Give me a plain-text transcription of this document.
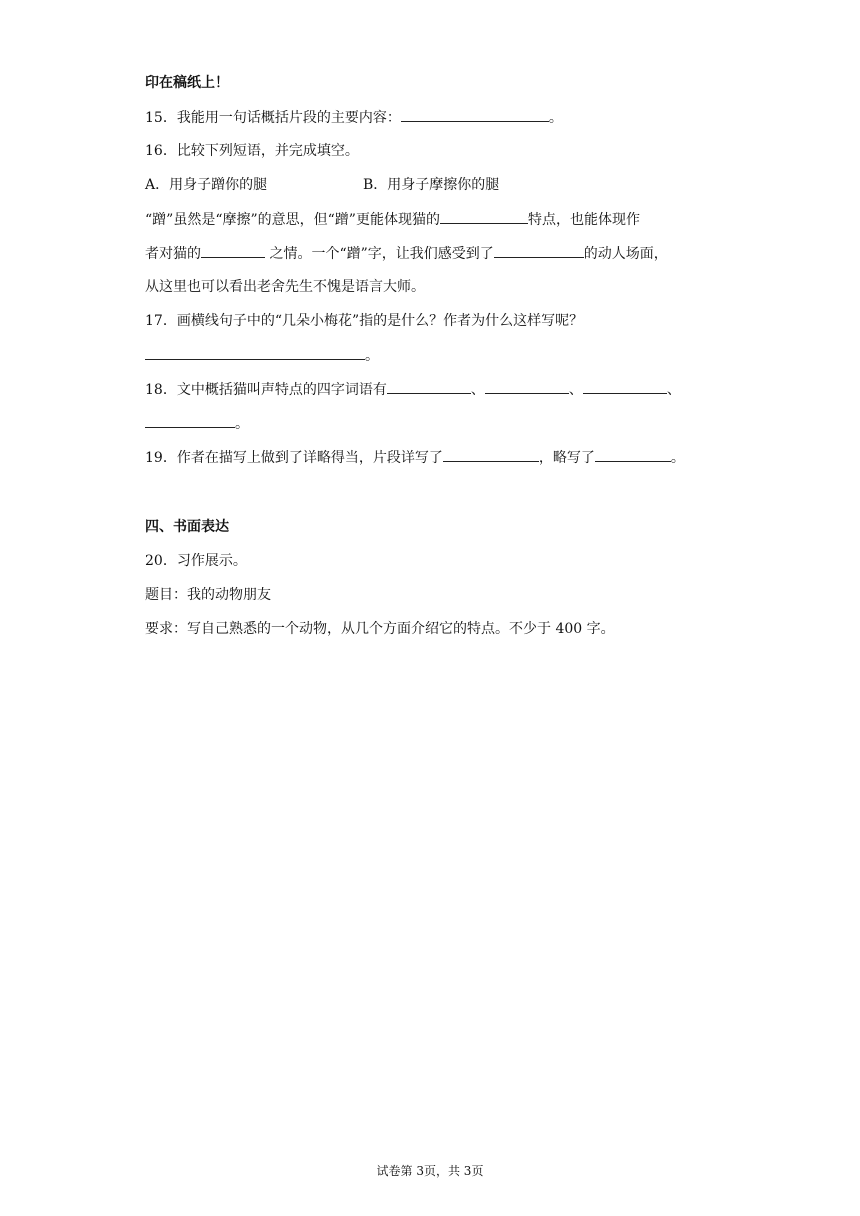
印在稿纸上！
15．我能用一句话概括片段的主要内容：	。
16．比较下列短语，并完成填空。
A．用身子蹭你的腿	B．用身子摩擦你的腿
“蹭”虽然是“摩擦”的意思，但“蹭”更能体现猫的	特点，也能体现作
者对猫的	之情。一个“蹭”字，让我们感受到了	的动人场面，
从这里也可以看出老舍先生不愧是语言大师。
17．画横线句子中的“几朵小梅花”指的是什么？作者为什么这样写呢？
。
18．文中概括猫叫声特点的四字词语有	、	、	、
。
19．作者在描写上做到了详略得当，片段详写了	，略写了	。
四、书面表达
20．习作展示。
题目：我的动物朋友
要求：写自己熟悉的一个动物，从几个方面介绍它的特点。不少于 400 字。
试卷第 3页，共 3页
